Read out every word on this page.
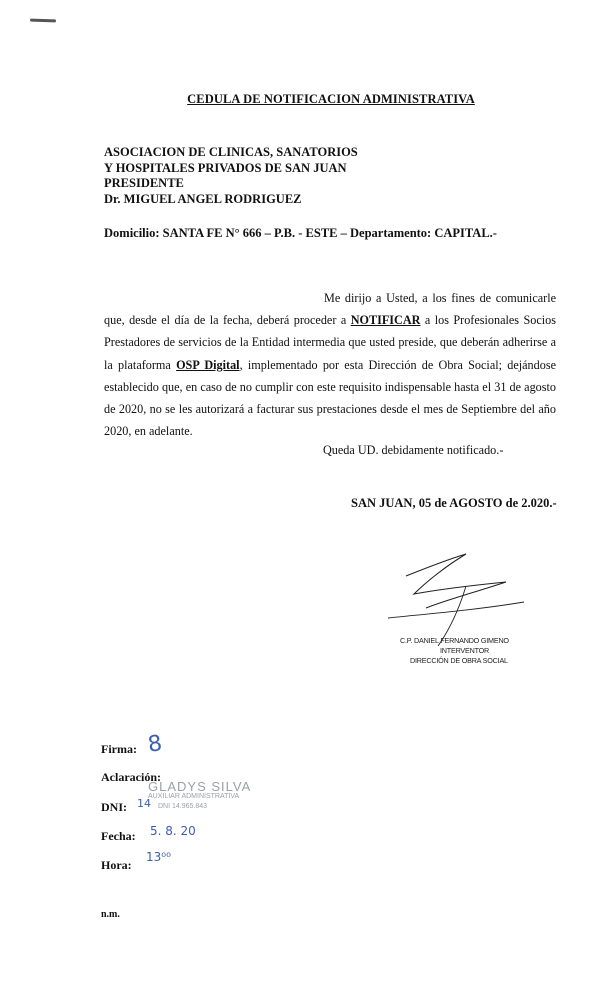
CEDULA DE NOTIFICACION ADMINISTRATIVA
ASOCIACION DE CLINICAS, SANATORIOS
Y HOSPITALES PRIVADOS DE SAN JUAN
PRESIDENTE
Dr. MIGUEL ANGEL RODRIGUEZ
Domicilio: SANTA FE N° 666 – P.B. - ESTE – Departamento: CAPITAL.-

Me dirijo a Usted, a los fines de comunicarle que, desde el día de la fecha, deberá proceder a NOTIFICAR a los Profesionales Socios Prestadores de servicios de la Entidad intermedia que usted preside, que deberán adherirse a la plataforma OSP Digital, implementado por esta Dirección de Obra Social; dejándose establecido que, en caso de no cumplir con este requisito indispensable hasta el 31 de agosto de 2020, no se les autorizará a facturar sus prestaciones desde el mes de Septiembre del año 2020, en adelante.

Queda UD. debidamente notificado.-
SAN JUAN, 05 de AGOSTO de 2.020.-
C.P. DANIEL FERNANDO GIMENO
INTERVENTOR
DIRECCIÓN DE OBRA SOCIAL
Firma: 8
Aclaración:
DNI: 14
GLADYS SILVA
AUXILIAR ADMINISTRATIVA
DNI 14.965.843
Fecha: 5. 8. 20
Hora:
13⁰⁰
n.m.
